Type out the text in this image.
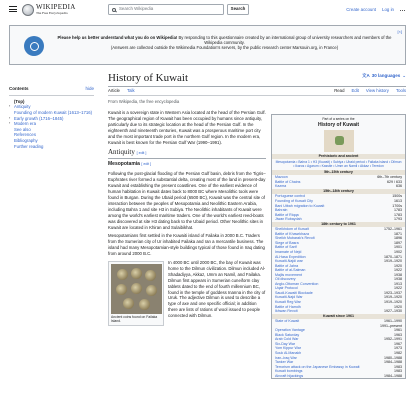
WIKIPEDIA
The Free Encyclopedia
Search Wikipedia	Search	Create account Log in
Please help us better understand what you do on Wikipedia! By responding to this questionnaire created by an international group of university researchers and members of the Wikipedia community.
(Answers are collected outside the Wikimedia Foundation's servers, by the public research center Marsouin.org, in France)
[×]
Contents	hide
(Top)
› Antiquity
Founding of modern Kuwait (1613–1716)
› Early growth (1716–1845)
› Modern era
See also
References
Bibliography
Further reading
History of Kuwait	文A 30 languages ⌄
Article Talk	Read Edit View history Tools
From Wikipedia, the free encyclopedia

Kuwait is a sovereign state in Western Asia located at the head of the Persian Gulf. The geographical region of Kuwait has been occupied by humans since antiquity, particularly due to its strategic location at the head of the Persian Gulf. In the eighteenth and nineteenth centuries, Kuwait was a prosperous maritime port city and the most important trade port in the northern Gulf region. In the modern era, Kuwait is best known for the Persian Gulf War (1990–1991).

Antiquity [ edit ]
Mesopotamia [ edit ]

Following the post-glacial flooding of the Persian Gulf basin, debris from the Tigris–Euphrates river formed a substantial delta, creating most of the land in present-day Kuwait and establishing the present coastlines. One of the earliest evidence of human habitation in Kuwait dates back to 8000 BC where Mesolithic tools were found in Burgan. During the Ubaid period (6500 BC), Kuwait was the central site of interaction between the peoples of Mesopotamia and Neolithic Eastern Arabia, including Bahra 1 and site H3 in Subiya. The Neolithic inhabitants of Kuwait were among the world's earliest maritime traders. One of the world's earliest reed-boats was discovered at site H3 dating back to the Ubaid period. Other Neolithic sites in Kuwait are located in Khiran and Sulaibikhat.

Mesopotamians first settled in the Kuwaiti island of Failaka in 2000 B.C. Traders from the Sumerian city of Ur inhabited Failaka and ran a mercantile business. The island had many Mesopotamian-style buildings typical of those found in Iraq dating from around 2000 B.C.

Ancient coins found on Failaka Island.

In 4000 BC until 2000 BC, the bay of Kuwait was home to the Dilmun civilization. Dilmun included Al-Shadadiyya, Akkaz, Umm an Namil, and Failaka. Dilmun first appears in Sumerian cuneiform clay tablets dated to the end of fourth millennium BC, found in the temple of goddess Inanna in the city of Uruk. The adjective Dilmun is used to describe a type of axe and one specific official; in addition there are lists of rations of wool issued to people connected with Dilmun.

Part of a series on the
History of Kuwait
Prehistoric and ancient
Mesopotamia • Bahra 1 • H3 (Kuwait) • Subiya • Ubaid period • Failaka Island • Dilmun • Ikaros • Agarum • Kassite • Umm an Namil • Akkaz • Teredon
5th–15th century
Mazoon	6th–7th century
Battle of Chains	629 / 633
Kazma	636
15th–18th century
Portuguese control	1500s
Founding of Kuwait City	1613
Bani Utbah migration to Kuwait	1700s
Bahrain	1783
Battle of Riqqa	1783
Jiwan Rubaydah	1793
18th century to 1961
Sheikhdom of Kuwait	1752–1961
Battle of Khawrkhaza	1871
Sheikh Mubarak's Revolt	1896
Siege of Basra	1897
Battle of Sarif	1901
Imamate of Nejd	1902
Al-Hasa Expedition	1870–1871
Kuwaiti-Najdi war	1919–1920
Battle of Jahra	1920
Battle of al-Salman	1922
Majlis movement	1938
Oil discovery	1938
Anglo-Ottoman Convention	1913
Uqair Protocol	1922
Saudi-Kuwaiti Blockade	1923–1937
Kuwaiti-Najd War	1919–1920
Kuwait Reg War	1919–1920
Battle of Hamdh	1920
Ikhwan Revolt	1927–1930
Kuwait since 1961
State of Kuwait	1961–1990
1991–present
Operation Vantage	1961
Black Saturday	1963
Arab Cold War	1952–1991
Six-Day War	1967
Yom Kippur War	1973
Souk Al-Manakh	1982
Iran–Iraq War	1980–1988
Tanker War	1984–1988
Terrorism attack on the Japanese Embassy in Kuwait	1983
Kuwait bombings	1983
Aircraft hijackings	1984–1988
